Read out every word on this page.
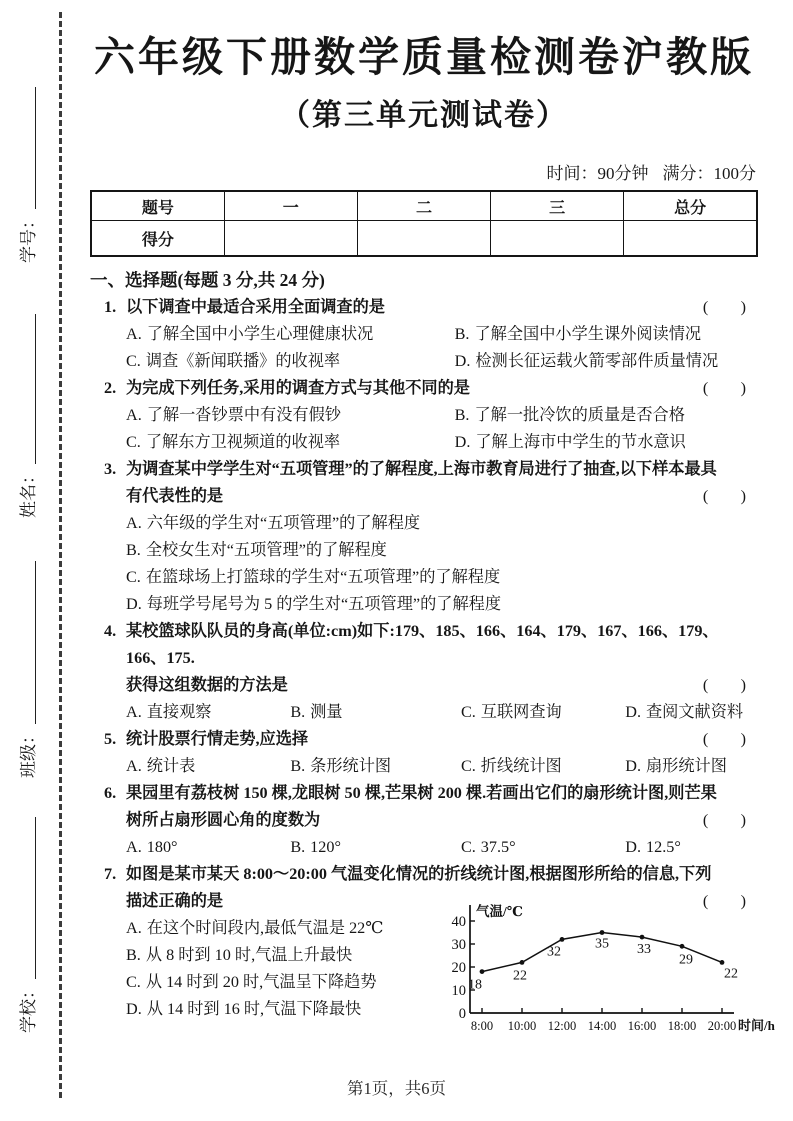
学号：
姓名：
班级：
学校：
六年级下册数学质量检测卷沪教版
（第三单元测试卷）
时间：90分钟 满分：100分
题号	一	二	三	总分
得分				
一、选择题(每题 3 分,共 24 分)
1. 以下调查中最适合采用全面调查的是	(  )
A. 了解全国中小学生心理健康状况	B. 了解全国中小学生课外阅读情况
C. 调查《新闻联播》的收视率	D. 检测长征运载火箭零部件质量情况
2. 为完成下列任务,采用的调查方式与其他不同的是	(  )
A. 了解一沓钞票中有没有假钞	B. 了解一批冷饮的质量是否合格
C. 了解东方卫视频道的收视率	D. 了解上海市中学生的节水意识
3. 为调查某中学学生对“五项管理”的了解程度,上海市教育局进行了抽查,以下样本最具
有代表性的是	(  )
A. 六年级的学生对“五项管理”的了解程度
B. 全校女生对“五项管理”的了解程度
C. 在篮球场上打篮球的学生对“五项管理”的了解程度
D. 每班学号尾号为 5 的学生对“五项管理”的了解程度
4. 某校篮球队队员的身高(单位:cm)如下:179、185、166、164、179、167、166、179、166、175.
获得这组数据的方法是	(  )
A. 直接观察	B. 测量	C. 互联网查询	D. 查阅文献资料
5. 统计股票行情走势,应选择	(  )
A. 统计表	B. 条形统计图	C. 折线统计图	D. 扇形统计图
6. 果园里有荔枝树 150 棵,龙眼树 50 棵,芒果树 200 棵.若画出它们的扇形统计图,则芒果
树所占扇形圆心角的度数为	(  )
A. 180°	B. 120°	C. 37.5°	D. 12.5°
7. 如图是某市某天 8:00～20:00 气温变化情况的折线统计图,根据图形所给的信息,下列
描述正确的是	(  )
A. 在这个时间段内,最低气温是 22℃
B. 从 8 时到 10 时,气温上升最快
C. 从 14 时到 20 时,气温呈下降趋势
D. 从 14 时到 16 时,气温下降最快	0
10
20
30
40
8:00 10:00 12:00 14:00 16:00 18:00 20:00
气温/℃
时间/h
18
22
32
35 33
29
22
第1页，共6页
